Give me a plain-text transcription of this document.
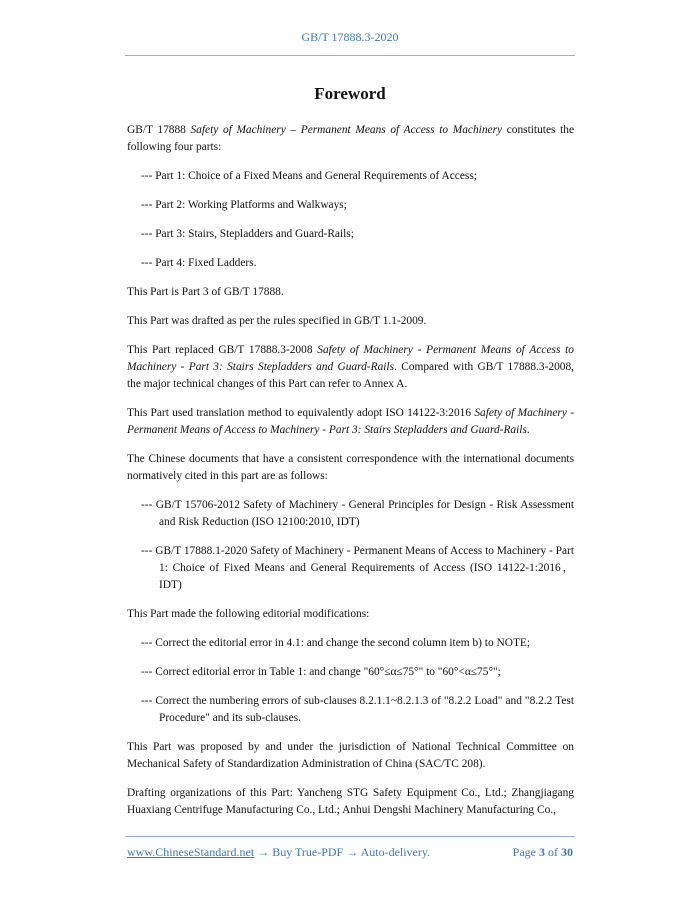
GB/T 17888.3-2020
Foreword

GB/T 17888 Safety of Machinery – Permanent Means of Access to Machinery constitutes the following four parts:

--- Part 1: Choice of a Fixed Means and General Requirements of Access;

--- Part 2: Working Platforms and Walkways;

--- Part 3: Stairs, Stepladders and Guard-Rails;

--- Part 4: Fixed Ladders.

This Part is Part 3 of GB/T 17888.

This Part was drafted as per the rules specified in GB/T 1.1-2009.

This Part replaced GB/T 17888.3-2008 Safety of Machinery - Permanent Means of Access to Machinery - Part 3: Stairs Stepladders and Guard-Rails. Compared with GB/T 17888.3-2008, the major technical changes of this Part can refer to Annex A.

This Part used translation method to equivalently adopt ISO 14122-3:2016 Safety of Machinery - Permanent Means of Access to Machinery - Part 3: Stairs Stepladders and Guard-Rails.

The Chinese documents that have a consistent correspondence with the international documents normatively cited in this part are as follows:

--- GB/T 15706-2012 Safety of Machinery - General Principles for Design - Risk Assessment and Risk Reduction (ISO 12100:2010, IDT)

--- GB/T 17888.1-2020 Safety of Machinery - Permanent Means of Access to Machinery - Part 1: Choice of Fixed Means and General Requirements of Access (ISO 14122-1:2016，IDT)

This Part made the following editorial modifications:

--- Correct the editorial error in 4.1: and change the second column item b) to NOTE;

--- Correct editorial error in Table 1: and change "60°≤α≤75°" to "60°<α≤75°";

--- Correct the numbering errors of sub-clauses 8.2.1.1~8.2.1.3 of "8.2.2 Load" and "8.2.2 Test Procedure" and its sub-clauses.

This Part was proposed by and under the jurisdiction of National Technical Committee on Mechanical Safety of Standardization Administration of China (SAC/TC 208).

Drafting organizations of this Part: Yancheng STG Safety Equipment Co., Ltd.; Zhangjiagang Huaxiang Centrifuge Manufacturing Co., Ltd.; Anhui Dengshi Machinery Manufacturing Co.,

www.ChineseStandard.net → Buy True-PDF → Auto-delivery.	Page 3 of 30
